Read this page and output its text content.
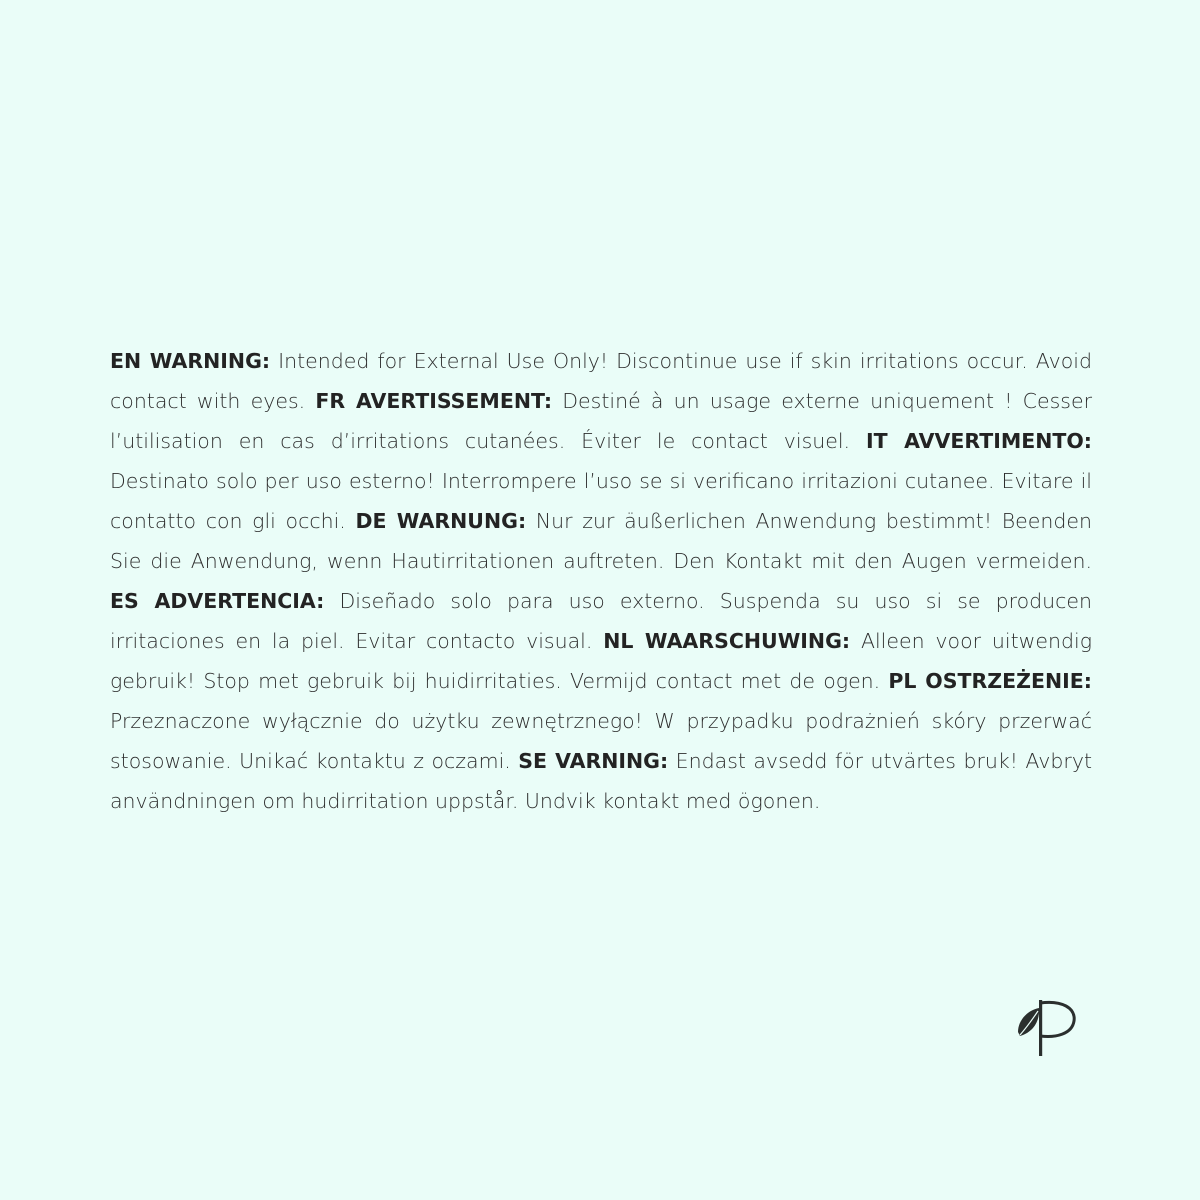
EN WARNING: Intended for External Use Only! Discontinue use if skin irritations occur. Avoid contact with eyes. FR AVERTISSEMENT: Destiné à un usage externe uniquement ! Cesser l’utilisation en cas d’irritations cutanées. Éviter le contact visuel. IT AVVERTIMENTO: Destinato solo per uso esterno! Interrompere l’uso se si verificano irritazioni cutanee. Evitare il contatto con gli occhi. DE WARNUNG: Nur zur äußerlichen Anwendung bestimmt! Beenden Sie die Anwendung, wenn Hautirritationen auftreten. Den Kontakt mit den Augen vermeiden. ES ADVERTENCIA: Diseñado solo para uso externo. Suspenda su uso si se producen irritaciones en la piel. Evitar contacto visual. NL WAARSCHUWING: Alleen voor uitwendig gebruik! Stop met gebruik bij huidirritaties. Vermijd contact met de ogen. PL OSTRZEŻENIE: Przeznaczone wyłącznie do użytku zewnętrznego! W przypadku podrażnień skóry przerwać stosowanie. Unikać kontaktu z oczami. SE VARNING: Endast avsedd för utvärtes bruk! Avbryt användningen om hudirritation uppstår. Undvik kontakt med ögonen.
